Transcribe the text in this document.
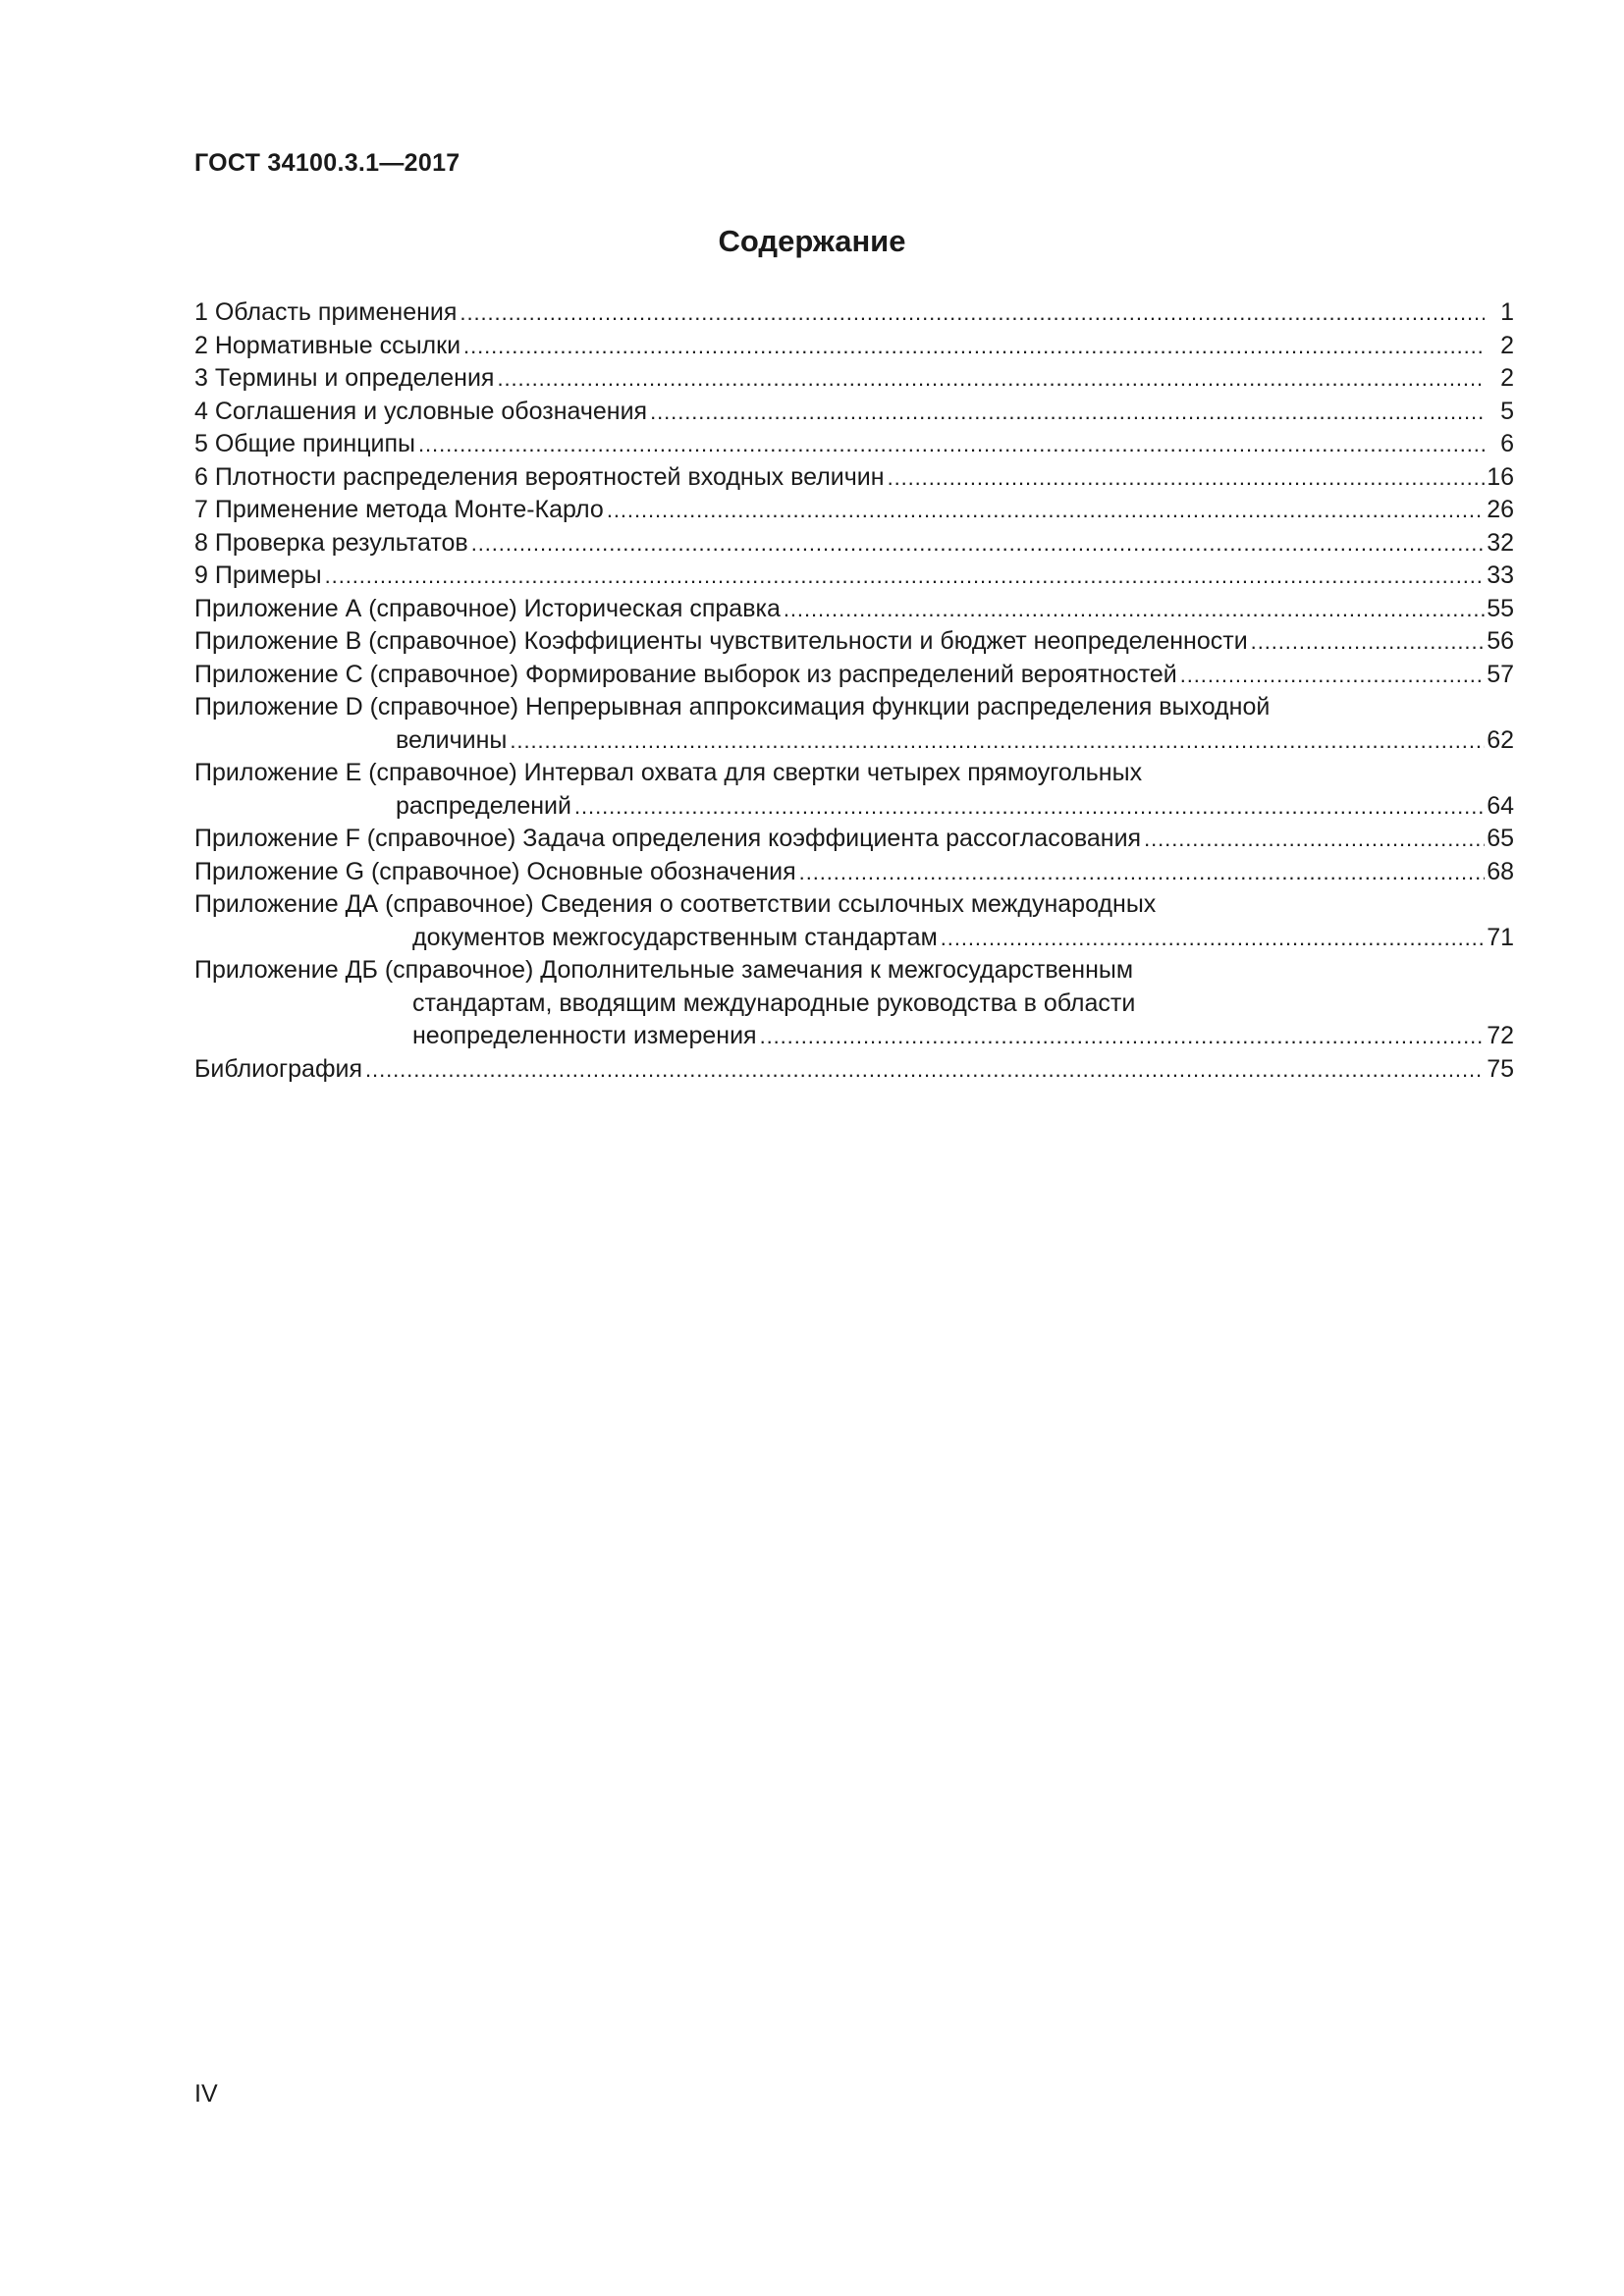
ГОСТ 34100.3.1—2017
Содержание
1 Область применения . . .	1
2 Нормативные ссылки . . .	2
3 Термины и определения . . .	2
4 Соглашения и условные обозначения . . .	5
5 Общие принципы . . .	6
6 Плотности распределения вероятностей входных величин . . .	16
7 Применение метода Монте-Карло . . .	26
8 Проверка результатов . . .	32
9 Примеры . . .	33
Приложение А (справочное) Историческая справка . . .	55
Приложение В (справочное) Коэффициенты чувствительности и бюджет неопределенности . . .	56
Приложение С (справочное) Формирование выборок из распределений вероятностей . . .	57
Приложение D (справочное) Непрерывная аппроксимация функции распределения выходной
величины . . .	62
Приложение Е (справочное) Интервал охвата для свертки четырех прямоугольных
распределений . . .	64
Приложение F (справочное) Задача определения коэффициента рассогласования . . .	65
Приложение G (справочное) Основные обозначения . . .	68
Приложение ДА (справочное) Сведения о соответствии ссылочных международных
документов межгосударственным стандартам . . .	71
Приложение ДБ (справочное) Дополнительные замечания к межгосударственным
стандартам, вводящим международные руководства в области
неопределенности измерения . . .	72
Библиография . . .	75
IV
